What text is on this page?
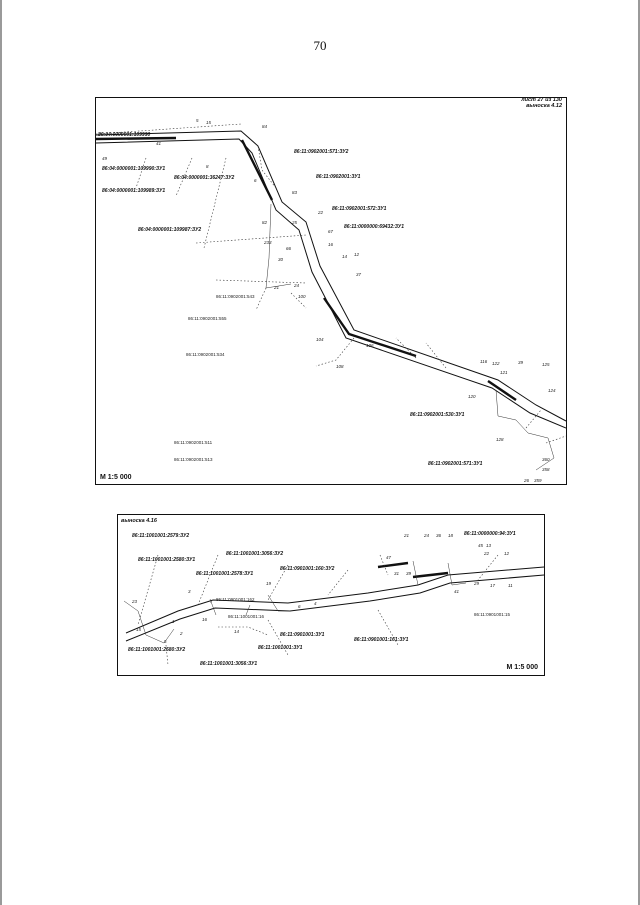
70
выноска 4.12
86:04:0000001:109990
86:04:0000001:109990:ЗУ1
86:04:0000001:109989:ЗУ1
86:04:0000001:109987:ЗУ2
86:04:0000001:36247:ЗУ2
86:11:0902001:571:ЗУ2
86:11:0902001:ЗУ1
86:11:0902001:572:ЗУ1
86:11:0000000:69432:ЗУ1
86:11:0902001:530:ЗУ1
86:11:0902001:571:ЗУ1
86:11:0902001:543
86:11:0902001:555
86:11:0902001:534
86:11:0902001:511
86:11:0902001:513
49
41
8
84
83
82	25
233
30
21	24
100
104
106
108
116 122	39
121
120
125
124
128
360
358
359
26
37
14 12
22
66
6
67
16
5 15
М 1:5 000
лист 27 из 130
выноска 4.16
86:11:1001001:2579:ЗУ2
86:11:1001001:2580:ЗУ1
86:11:1001001:3056:ЗУ2
86:11:1001001:2578:ЗУ1
86:11:0901001:160:ЗУ2
86:11:0000000:94:ЗУ1
86:11:0901001:ЗУ1
86:11:1001001:ЗУ1
86:11:0901001:161:ЗУ1
86:11:1001001:2580:ЗУ2
86:11:1001001:3056:ЗУ1
86:11:0901001:162
86:11:0901001:15
86:11:1001001:16
21	24 36 18
45 13
22	12
29 17	11
41
31 39
47
23
19
14
15
16
5
6
3
2
1
7	4
М 1:5 000
